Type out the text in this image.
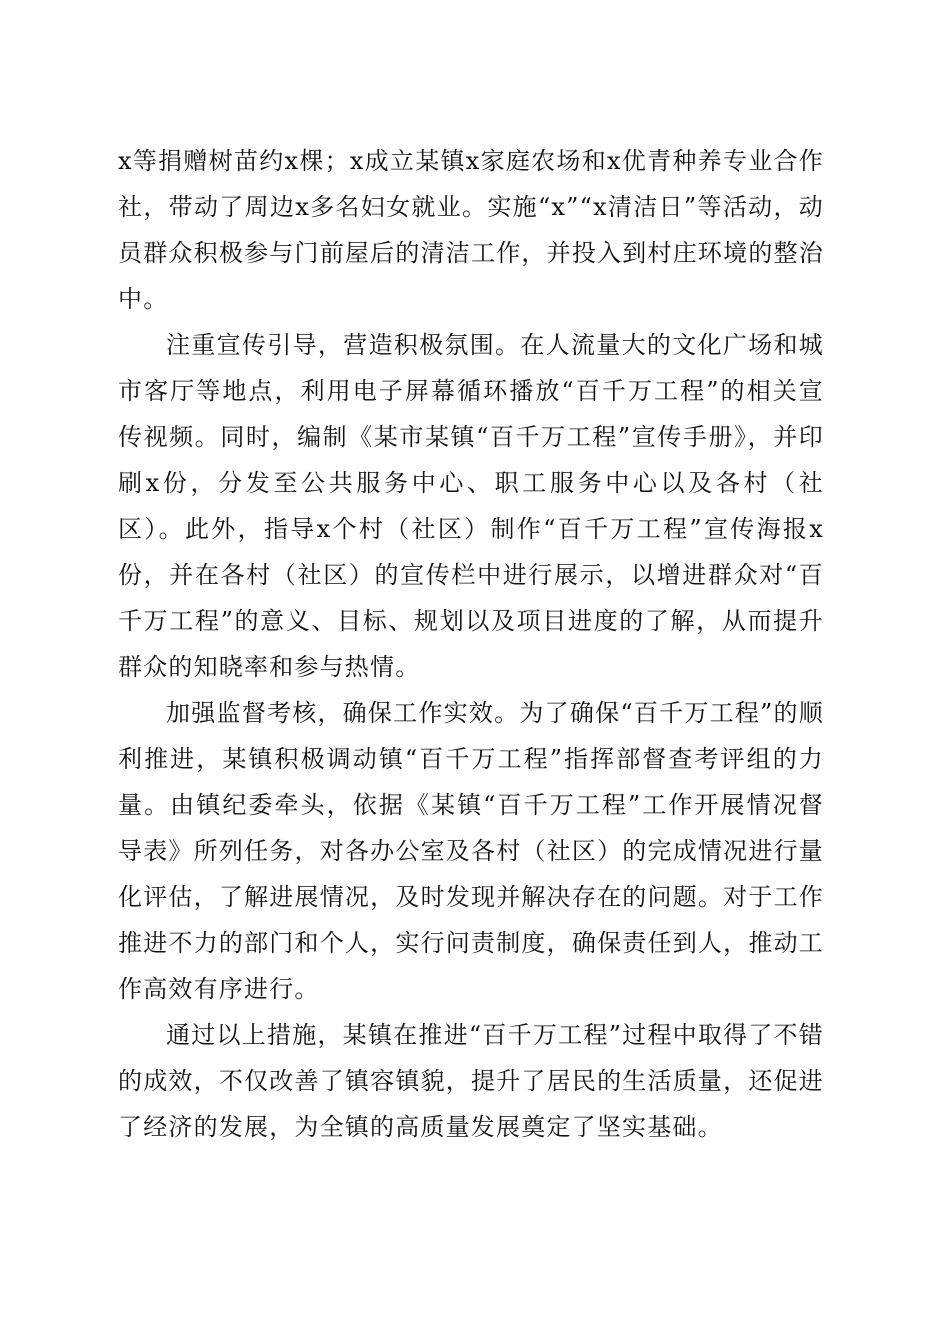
x等捐赠树苗约x棵；x成立某镇x家庭农场和x优青种养专业合作社，带动了周边x多名妇女就业。实施“x”“x清洁日”等活动，动员群众积极参与门前屋后的清洁工作，并投入到村庄环境的整治中。

注重宣传引导，营造积极氛围。在人流量大的文化广场和城市客厅等地点，利用电子屏幕循环播放“百千万工程”的相关宣传视频。同时，编制《某市某镇“百千万工程”宣传手册》，并印刷x份，分发至公共服务中心、职工服务中心以及各村（社区）。此外，指导x个村（社区）制作“百千万工程”宣传海报x份，并在各村（社区）的宣传栏中进行展示，以增进群众对“百千万工程”的意义、目标、规划以及项目进度的了解，从而提升群众的知晓率和参与热情。

加强监督考核，确保工作实效。为了确保“百千万工程”的顺利推进，某镇积极调动镇“百千万工程”指挥部督查考评组的力量。由镇纪委牵头，依据《某镇“百千万工程”工作开展情况督导表》所列任务，对各办公室及各村（社区）的完成情况进行量化评估，了解进展情况，及时发现并解决存在的问题。对于工作推进不力的部门和个人，实行问责制度，确保责任到人，推动工作高效有序进行。

通过以上措施，某镇在推进“百千万工程”过程中取得了不错的成效，不仅改善了镇容镇貌，提升了居民的生活质量，还促进了经济的发展，为全镇的高质量发展奠定了坚实基础。
